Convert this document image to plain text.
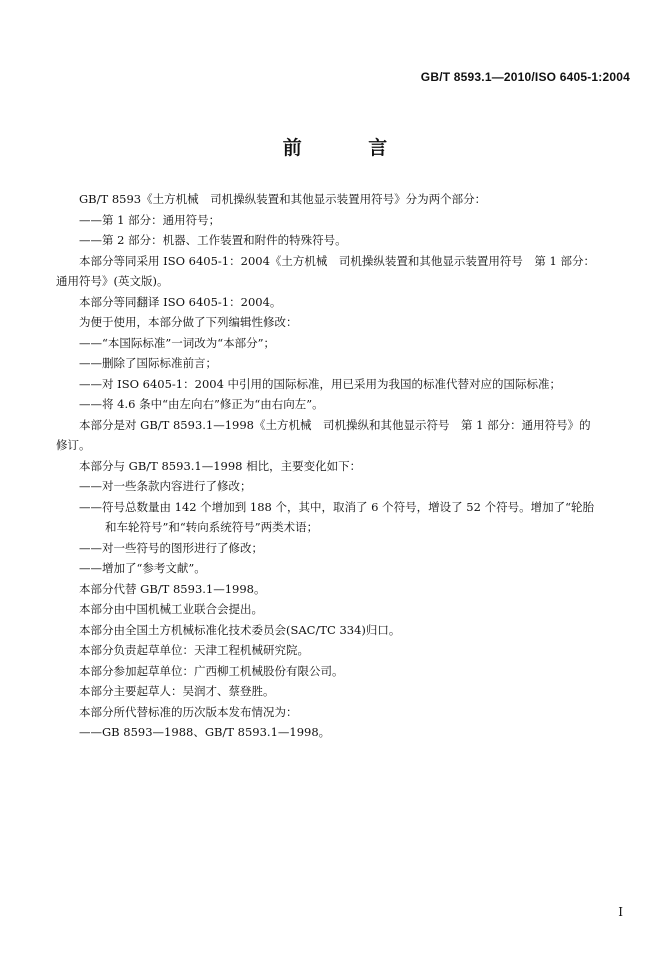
GB/T 8593.1—2010/ISO 6405-1:2004
前 言
GB/T 8593《土方机械　司机操纵装置和其他显示装置用符号》分为两个部分：
——第 1 部分：通用符号；
——第 2 部分：机器、工作装置和附件的特殊符号。
本部分等同采用 ISO 6405-1：2004《土方机械　司机操纵装置和其他显示装置用符号　第 1 部分：
通用符号》(英文版)。
本部分等同翻译 ISO 6405-1：2004。
为便于使用，本部分做了下列编辑性修改：
——“本国际标准”一词改为“本部分”；
——删除了国际标准前言；
——对 ISO 6405-1：2004 中引用的国际标准，用已采用为我国的标准代替对应的国际标准；
——将 4.6 条中“由左向右”修正为“由右向左”。
本部分是对 GB/T 8593.1—1998《土方机械　司机操纵和其他显示符号　第 1 部分：通用符号》的
修订。
本部分与 GB/T 8593.1—1998 相比，主要变化如下：
——对一些条款内容进行了修改；
——符号总数量由 142 个增加到 188 个，其中，取消了 6 个符号，增设了 52 个符号。增加了“轮胎
和车轮符号”和“转向系统符号”两类术语；
——对一些符号的图形进行了修改；
——增加了“参考文献”。
本部分代替 GB/T 8593.1—1998。
本部分由中国机械工业联合会提出。
本部分由全国土方机械标准化技术委员会(SAC/TC 334)归口。
本部分负责起草单位：天津工程机械研究院。
本部分参加起草单位：广西柳工机械股份有限公司。
本部分主要起草人：吴润才、蔡登胜。
本部分所代替标准的历次版本发布情况为：
——GB 8593—1988、GB/T 8593.1—1998。
I
